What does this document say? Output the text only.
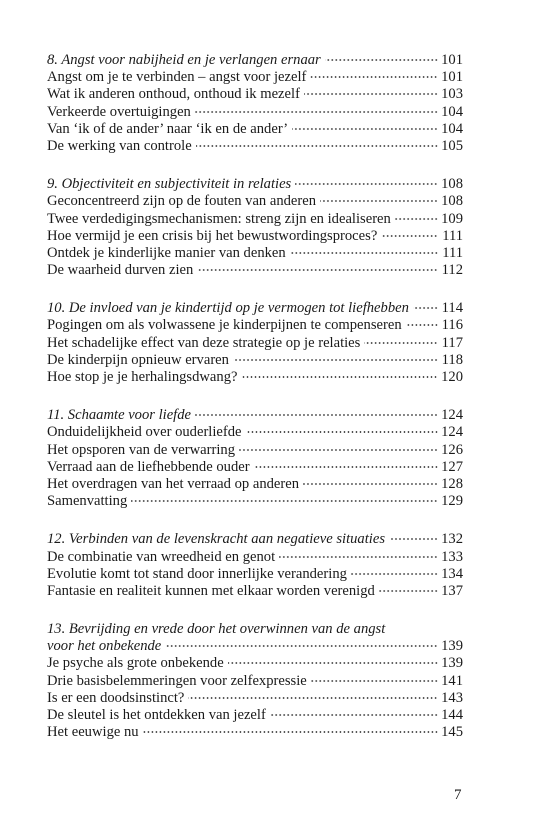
8. Angst voor nabijheid en je verlangen ernaar	101
Angst om je te verbinden – angst voor jezelf	101
Wat ik anderen onthoud, onthoud ik mezelf	103
Verkeerde overtuigingen	104
Van ‘ik of de ander’ naar ‘ik en de ander’	104
De werking van controle	105
9. Objectiviteit en subjectiviteit in relaties	108
Geconcentreerd zijn op de fouten van anderen	108
Twee verdedigingsmechanismen: streng zijn en idealiseren	109
Hoe vermijd je een crisis bij het bewustwordingsproces?	111
Ontdek je kinderlijke manier van denken	111
De waarheid durven zien	112
10. De invloed van je kindertijd op je vermogen tot liefhebben 114
Pogingen om als volwassene je kinderpijnen te compenseren	116
Het schadelijke effect van deze strategie op je relaties	117
De kinderpijn opnieuw ervaren	118
Hoe stop je je herhalingsdwang?	120
11. Schaamte voor liefde	124
Onduidelijkheid over ouderliefde	124
Het opsporen van de verwarring	126
Verraad aan de liefhebbende ouder	127
Het overdragen van het verraad op anderen	128
Samenvatting	129
12. Verbinden van de levenskracht aan negatieve situaties	132
De combinatie van wreedheid en genot	133
Evolutie komt tot stand door innerlijke verandering	134
Fantasie en realiteit kunnen met elkaar worden verenigd	137
13. Bevrijding en vrede door het overwinnen van de angst
voor het onbekende	139
Je psyche als grote onbekende	139
Drie basisbelemmeringen voor zelfexpressie	141
Is er een doodsinstinct?	143
De sleutel is het ontdekken van jezelf	144
Het eeuwige nu	145
7
